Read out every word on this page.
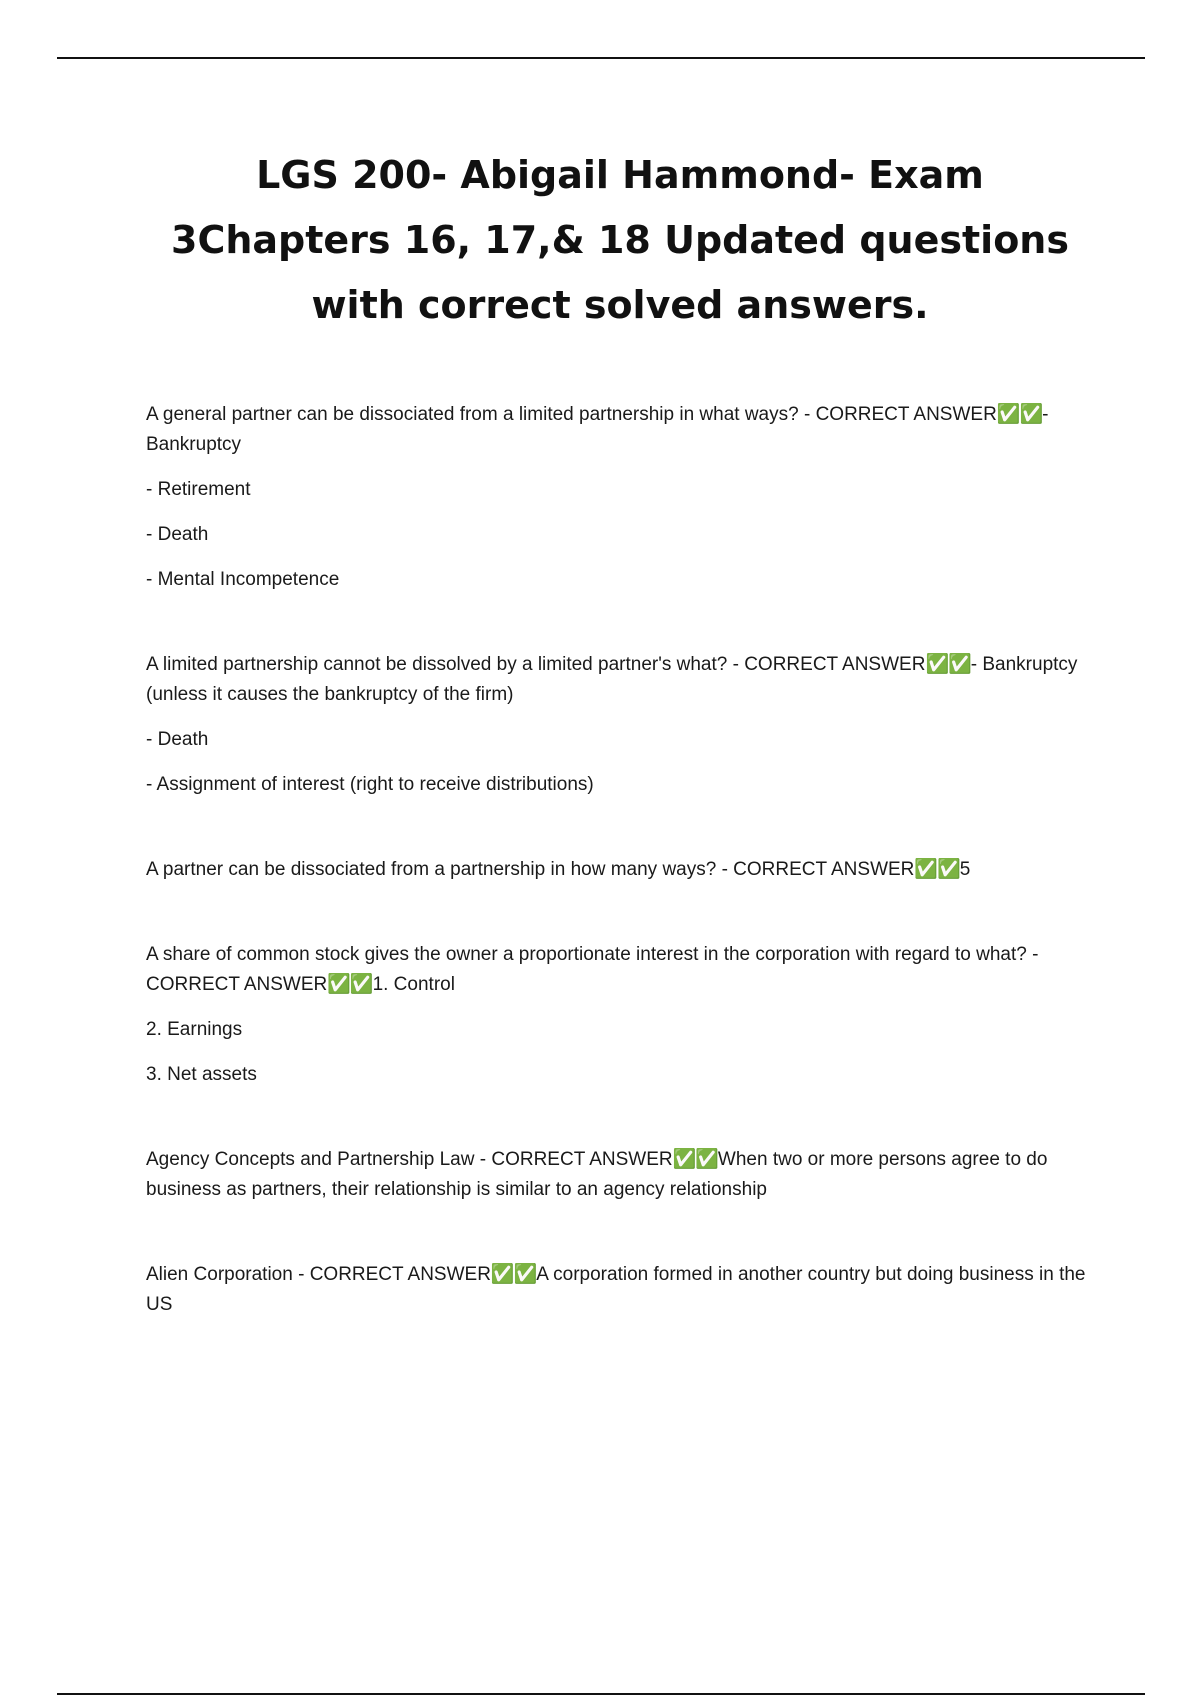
LGS 200- Abigail Hammond- Exam 3Chapters 16, 17,& 18 Updated questions with correct solved answers.

A general partner can be dissociated from a limited partnership in what ways? - CORRECT ANSWER✅✅- Bankruptcy

- Retirement

- Death

- Mental Incompetence

A limited partnership cannot be dissolved by a limited partner's what? - CORRECT ANSWER✅✅- Bankruptcy (unless it causes the bankruptcy of the firm)

- Death

- Assignment of interest (right to receive distributions)

A partner can be dissociated from a partnership in how many ways? - CORRECT ANSWER✅✅5

A share of common stock gives the owner a proportionate interest in the corporation with regard to what? - CORRECT ANSWER✅✅1. Control

2. Earnings

3. Net assets

Agency Concepts and Partnership Law - CORRECT ANSWER✅✅When two or more persons agree to do business as partners, their relationship is similar to an agency relationship

Alien Corporation - CORRECT ANSWER✅✅A corporation formed in another country but doing business in the US
